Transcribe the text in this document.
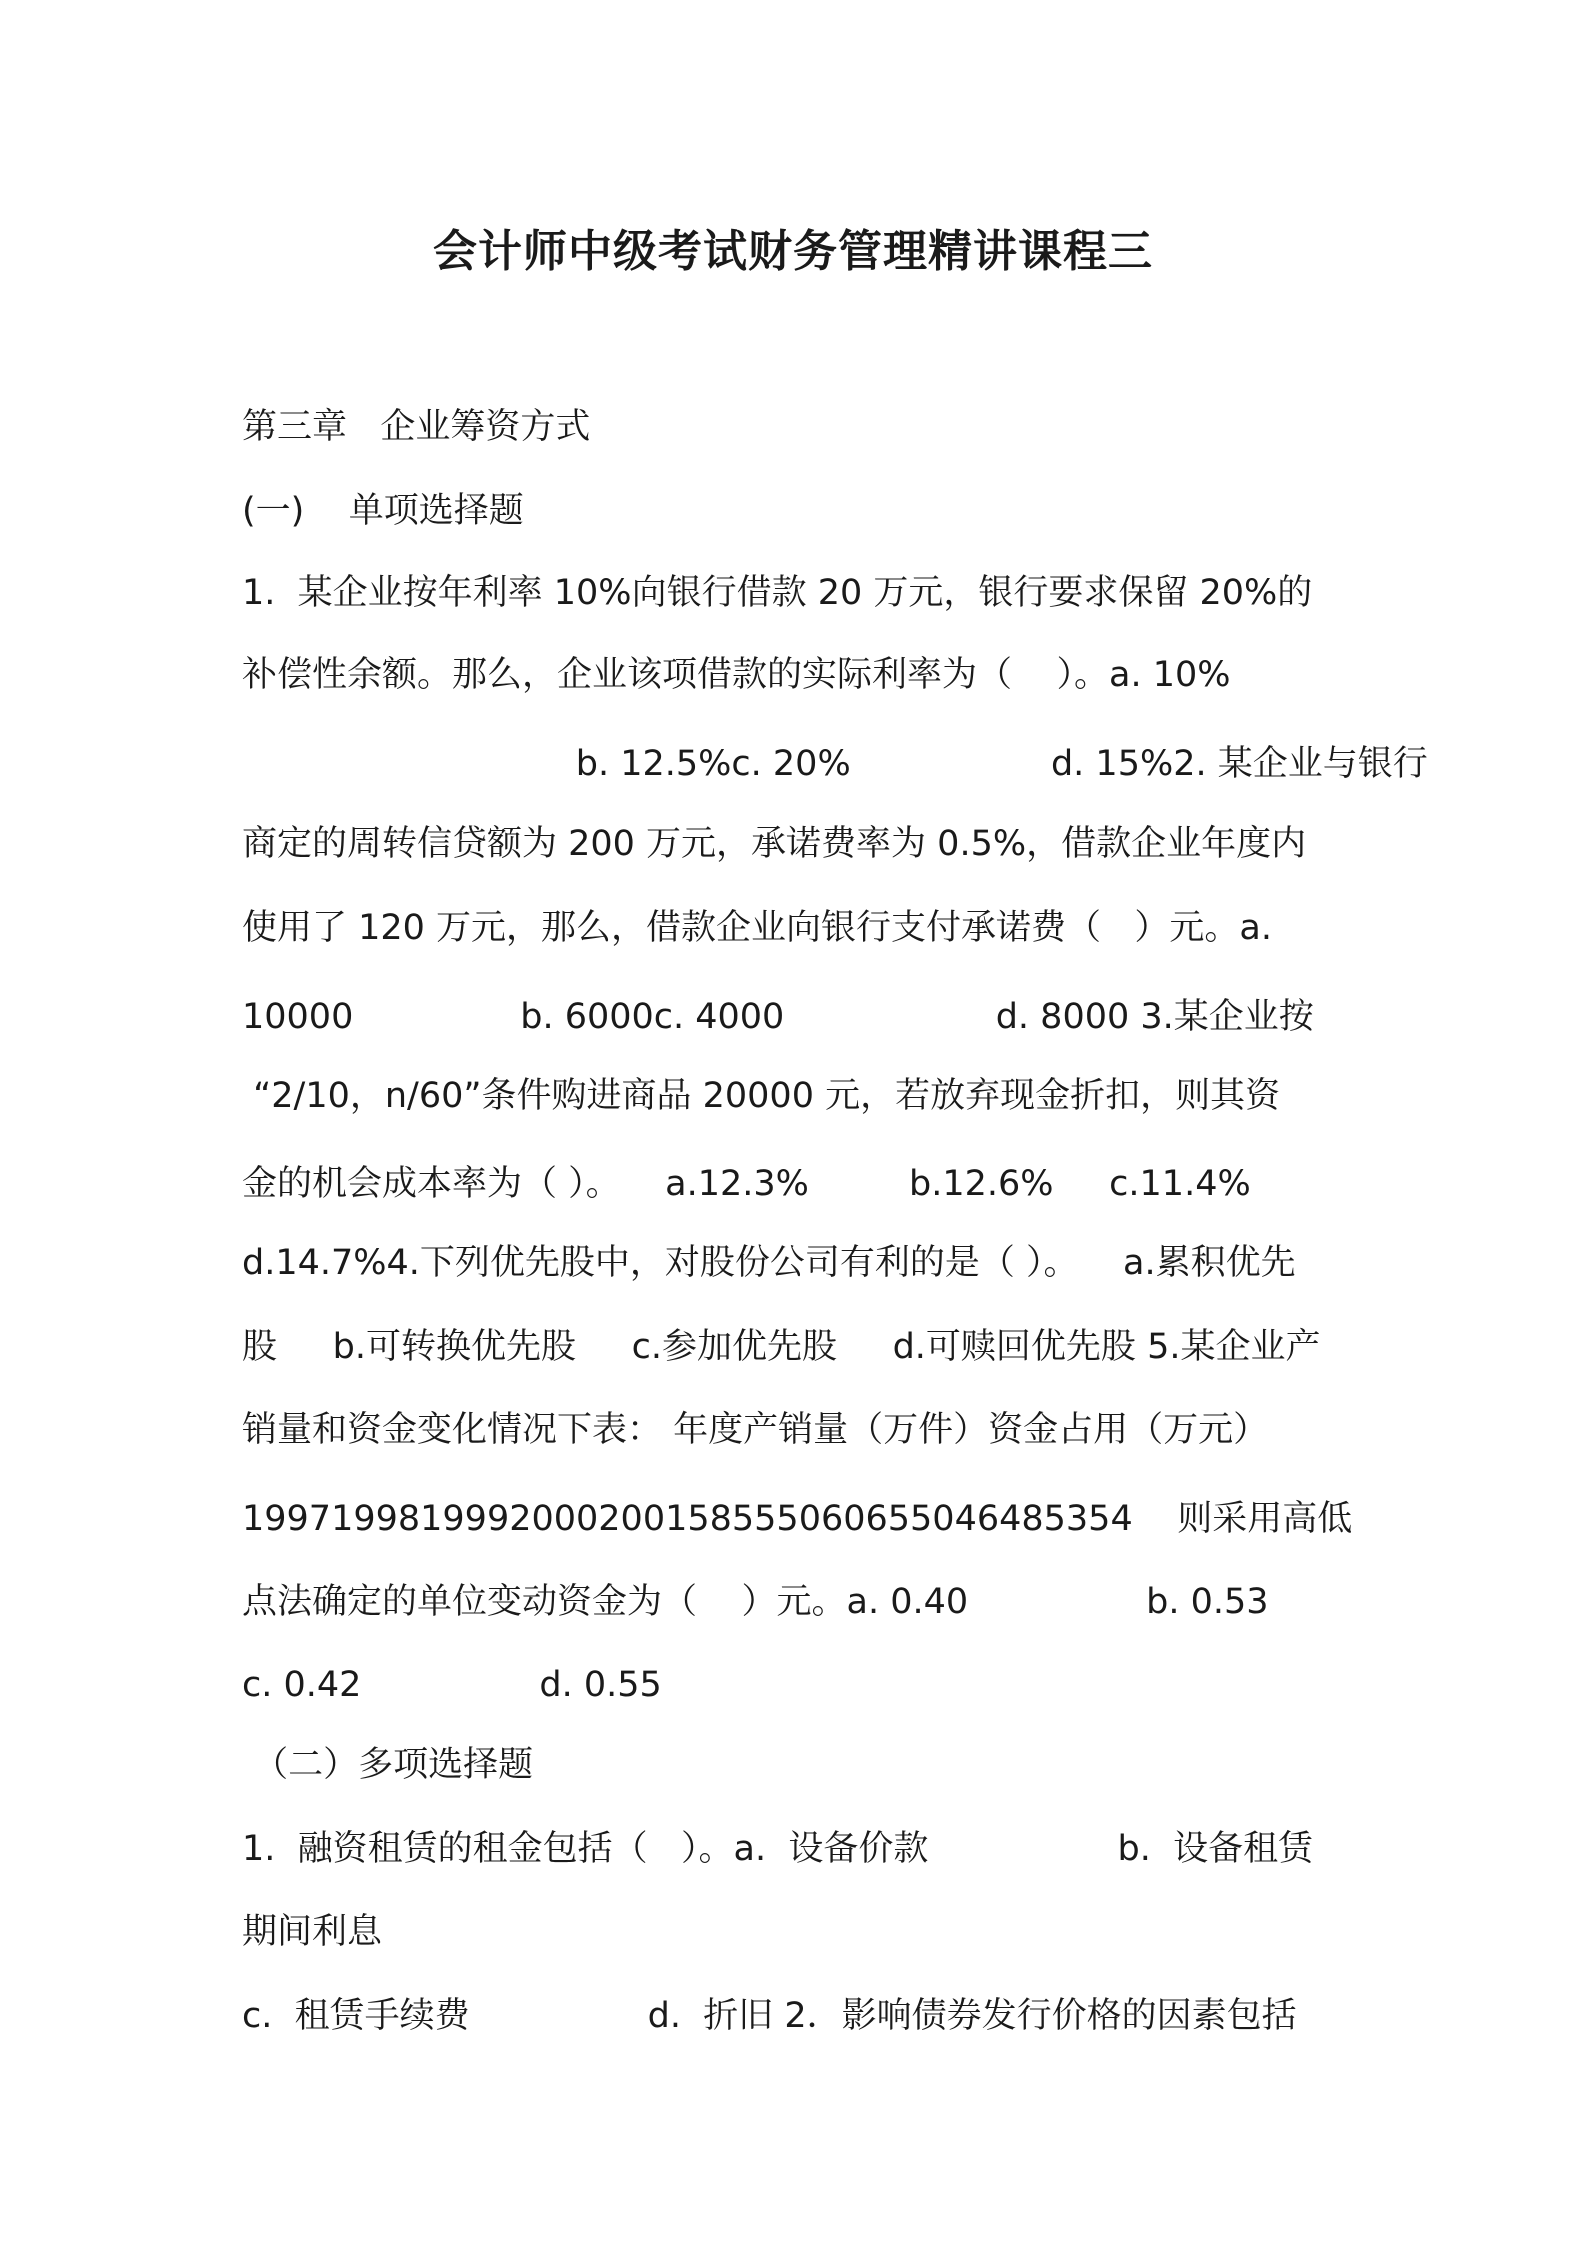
会计师中级考试财务管理精讲课程三
第三章   企业筹资方式
(一)    单项选择题
1.  某企业按年利率 10%向银行借款 20 万元，银行要求保留 20%的
补偿性余额。那么，企业该项借款的实际利率为（    ）。a. 10%
b. 12.5%c. 20%                  d. 15%2. 某企业与银行
商定的周转信贷额为 200 万元，承诺费率为 0.5%，借款企业年度内
使用了 120 万元，那么，借款企业向银行支付承诺费（   ）元。a.
10000               b. 6000c. 4000                   d. 8000 3.某企业按
“2/10，n/60”条件购进商品 20000 元，若放弃现金折扣，则其资
金的机会成本率为（ ）。    a.12.3%         b.12.6%     c.11.4%
d.14.7%4.下列优先股中，对股份公司有利的是（ ）。    a.累积优先
股     b.可转换优先股     c.参加优先股     d.可赎回优先股 5.某企业产
销量和资金变化情况下表： 年度产销量（万件）资金占用（万元）
19971998199920002001585550606550464853​54    则采用高低
点法确定的单位变动资金为（    ）元。a. 0.40                b. 0.53
c. 0.42                d. 0.55
（二）多项选择题
1.  融资租赁的租金包括（   ）。a.  设备价款                 b.  设备租赁
期间利息
c.  租赁手续费                d.  折旧 2．影响债券发行价格的因素包括
